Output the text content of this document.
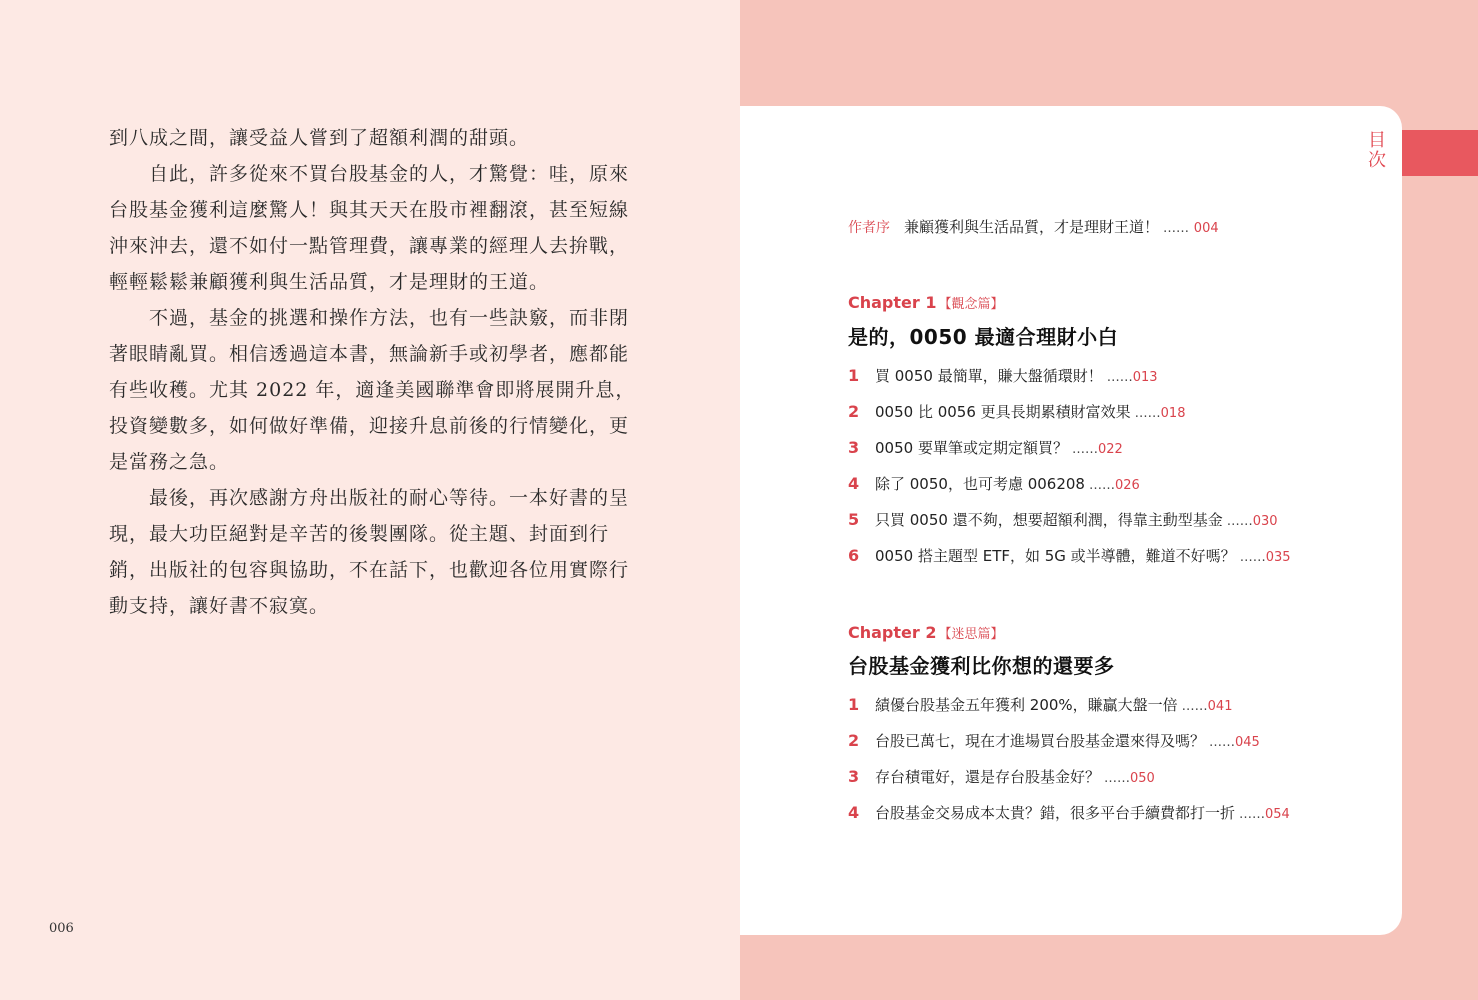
到八成之間，讓受益人嘗到了超額利潤的甜頭。

自此，許多從來不買台股基金的人，才驚覺：哇，原來台股基金獲利這麼驚人！與其天天在股市裡翻滾，甚至短線沖來沖去，還不如付一點管理費，讓專業的經理人去拚戰，輕輕鬆鬆兼顧獲利與生活品質，才是理財的王道。

不過，基金的挑選和操作方法，也有一些訣竅，而非閉著眼睛亂買。相信透過這本書，無論新手或初學者，應都能有些收穫。尤其 2022 年，適逢美國聯準會即將展開升息，投資變數多，如何做好準備，迎接升息前後的行情變化，更是當務之急。

最後，再次感謝方舟出版社的耐心等待。一本好書的呈現，最大功臣絕對是辛苦的後製團隊。從主題、封面到行銷，出版社的包容與協助，不在話下，也歡迎各位用實際行動支持，讓好書不寂寞。

006
目
次
作者序 兼顧獲利與生活品質，才是理財王道！ …… 004
Chapter 1 【觀念篇】
是的，0050 最適合理財小白
1 買 0050 最簡單，賺大盤循環財！ ……013
2 0050 比 0056 更具長期累積財富效果 ……018
3 0050 要單筆或定期定額買？ ……022
4 除了 0050，也可考慮 006208 ……026
5 只買 0050 還不夠，想要超額利潤，得靠主動型基金 ……030
6 0050 搭主題型 ETF，如 5G 或半導體，難道不好嗎？ ……035
Chapter 2 【迷思篇】
台股基金獲利比你想的還要多
1 績優台股基金五年獲利 200%，賺贏大盤一倍 ……041
2 台股已萬七，現在才進場買台股基金還來得及嗎？ ……045
3 存台積電好，還是存台股基金好？ ……050
4 台股基金交易成本太貴？錯，很多平台手續費都打一折 ……054
